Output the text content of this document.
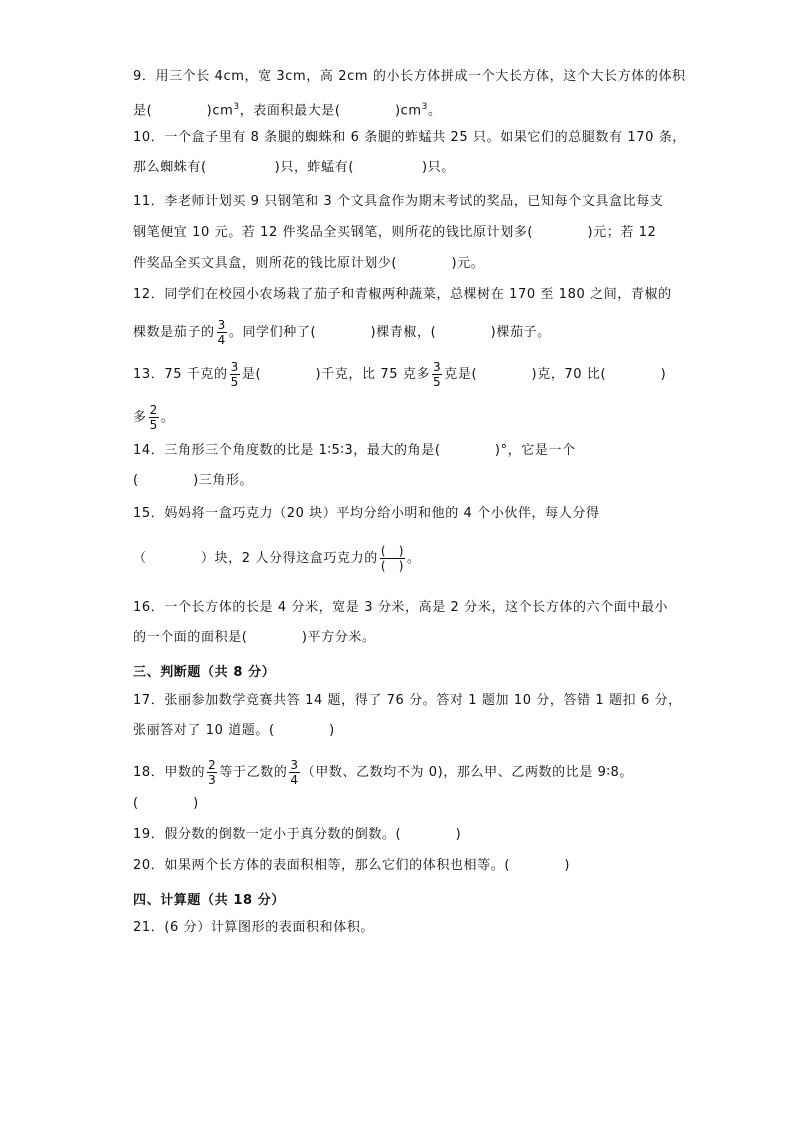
9．用三个长 4cm，宽 3cm，高 2cm 的小长方体拼成一个大长方体，这个大长方体的体积
是(　　　　)$cm^3$，表面积最大是(　　　　)$cm^3$。
10．一个盒子里有 8 条腿的蜘蛛和 6 条腿的蚱蜢共 25 只。如果它们的总腿数有 170 条，
那么蜘蛛有(　　　　　)只，蚱蜢有(　　　　　)只。
11．李老师计划买 9 只钢笔和 3 个文具盒作为期末考试的奖品，已知每个文具盒比每支
钢笔便宜 10 元。若 12 件奖品全买钢笔，则所花的钱比原计划多(　　　　)元；若 12
件奖品全买文具盒，则所花的钱比原计划少(　　　　)元。
12．同学们在校园小农场栽了茄子和青椒两种蔬菜，总棵树在 170 至 180 之间，青椒的
棵数是茄子的 $\frac{3}{4}$ 。同学们种了(　　　　)棵青椒，(　　　　)棵茄子。
13．75 千克的 $\frac{3}{5}$ 是(　　　　)千克，比 75 克多 $\frac{3}{5}$ 克是(　　　　)克，70 比(　　　　)
多 $\frac{2}{5}$ 。
14．三角形三个角度数的比是 1∶5∶3，最大的角是(　　　　)°，它是一个
(　　　　)三角形。
15．妈妈将一盒巧克力（20 块）平均分给小明和他的 4 个小伙伴，每人分得
（　　　　）块，2 人分得这盒巧克力的 (　)
(　) 。
16．一个长方体的长是 4 分米，宽是 3 分米，高是 2 分米，这个长方体的六个面中最小
的一个面的面积是(　　　　)平方分米。
三、判断题（共 8 分）
17．张丽参加数学竞赛共答 14 题，得了 76 分。答对 1 题加 10 分，答错 1 题扣 6 分，
张丽答对了 10 道题。(　　　　)
18．甲数的 $\frac{2}{3}$ 等于乙数的 $\frac{3}{4}$ （甲数、乙数均不为 0)，那么甲、乙两数的比是 9∶8。
(　　　　)
19．假分数的倒数一定小于真分数的倒数。(　　　　)
20．如果两个长方体的表面积相等，那么它们的体积也相等。(　　　　)
四、计算题（共 18 分）
21．(6 分）计算图形的表面积和体积。
